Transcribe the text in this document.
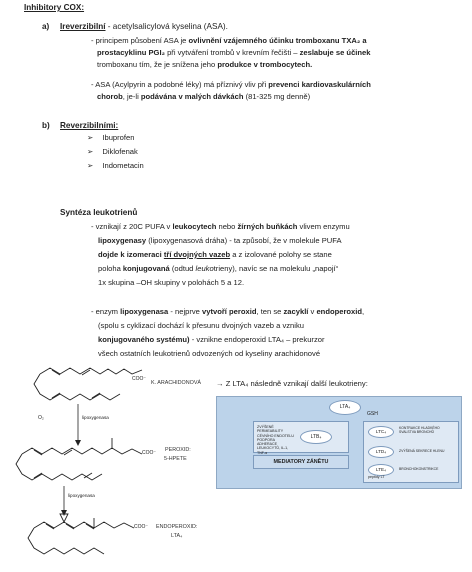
Inhibitory COX:
a) Ireverzibilní - acetylsalicylová kyselina (ASA).
- principem působení ASA je ovlivnění vzájemného účinku tromboxanu TXA₂ a
prostacyklinu PGI₂ při vytváření trombů v krevním řečišti – zeslabuje se účinek
tromboxanu tím, že je snížena jeho produkce v trombocytech.
- ASA (Acylpyrin a podobné léky) má příznivý vliv při prevenci kardiovaskulárních
chorob, je-li podávána v malých dávkách (81-325 mg denně)
b) Reverzibilními:
➢ Ibuprofen
➢ Diklofenak
➢ Indometacin
Syntéza leukotrienů
- vznikají z 20C PUFA v leukocytech nebo žírných buňkách vlivem enzymu
lipoxygenasy (lipoxygenasová dráha) - ta způsobí, že v molekule PUFA
dojde k izomeraci tří dvojných vazeb a z izolované polohy se stane
poloha konjugovaná (odtud leukotrieny), navíc se na molekulu „napojí“
1x skupina –OH skupiny v polohách 5 a 12.
- enzym lipoxygenasa - nejprve vytvoří peroxid, ten se zacyklí v endoperoxid,
(spolu s cyklizací dochází k přesunu dvojných vazeb a vzniku
konjugovaného systému) - vznikne endoperoxid LTA₄ – prekurzor
všech ostatních leukotrienů odvozených od kyseliny arachidonové
COO⁻
O₂	lipoxygenasa
COO⁻
lipoxygenasa
COO⁻
K. ARACHIDONOVÁ
PEROXID:
5-HPETE
ENDOPEROXID:
LTA₄
→ Z LTA₄ následně vznikají další leukotrieny:
LTA₄
GSH
ZVÝŠENÉ PERMEABILITY CÉVNÍHO ENDOTELU PODPORA ADHERACE LEUKOCYTŮ, IL-1, TNF-α
LTB₄
LTC₄
KONTRAKCE HLADKÉHO SVALSTVA BRONCHŮ
LTD₄	ZVÝŠENÁ SEKRECE HLENU
LTE₄	BRONCHOKONSTRIKCE
peptidy LT
MEDIATORY ZÁNĚTU
